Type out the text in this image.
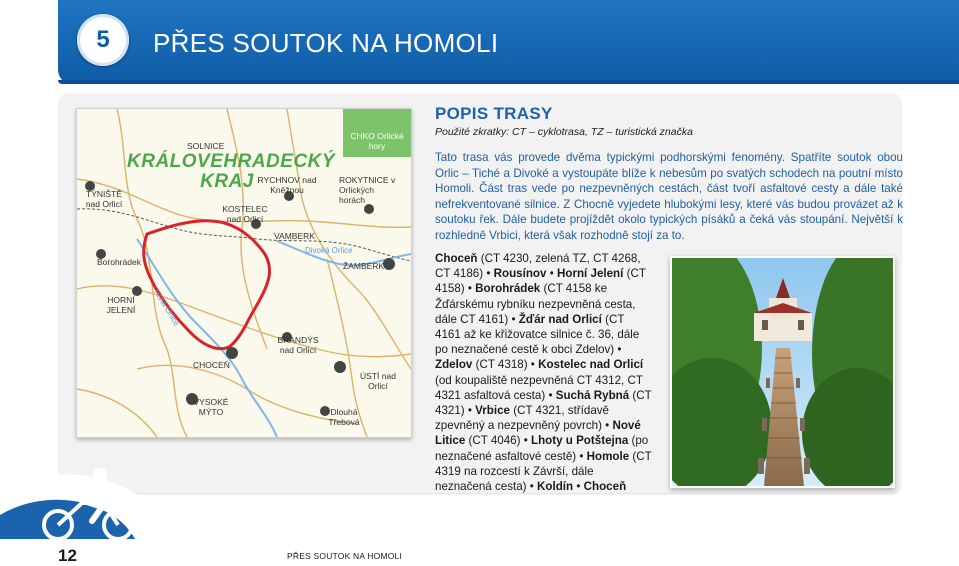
5	PŘES SOUTOK NA HOMOLI
CHKO Orlické hory
KRÁLOVEHRADECKÝ KRAJ
SOLNICE
TÝNIŠTĚ nad Orlicí
RYCHNOV nad Kněžnou
ROKYTNICE v Orlických horách
KOSTELEC nad Orlicí
VAMBERK
Borohrádek	ŽAMBERK
HORNÍ JELENÍ
BRANDÝS nad Orlicí
CHOCEŇ
ÚSTÍ nad Orlicí
VYSOKÉ MÝTO	Dlouhá Třebová
Divoká Orlice
Tichá Orlice
POPIS TRASY
Použité zkratky: CT – cyklotrasa, TZ – turistická značka
Tato trasa vás provede dvěma typickými podhorskými fenomény. Spatříte soutok obou Orlic – Tiché a Divoké a vystoupáte blíže k nebesům po svatých schodech na poutní místo Homoli. Část tras vede po nezpevněných cestách, část tvoří asfaltové cesty a dále také nefrekventované silnice. Z Chocně vyjedete hlubokými lesy, které vás budou provázet až k soutoku řek. Dále budete projíždět okolo typických písáků a čeká vás stoupání. Největší k rozhledně Vrbici, která však rozhodně stojí za to.
Choceň (CT 4230, zelená TZ, CT 4268, CT 4186) • Rousínov • Horní Jelení (CT 4158) • Borohrádek (CT 4158 ke Žďárskému rybníku nezpevněná cesta, dále CT 4161) • Žďár nad Orlicí (CT 4161 až ke křižovatce silnice č. 36, dále po neznačené cestě k obci Zdelov) • Zdelov (CT 4318) • Kostelec nad Orlicí (od koupaliště nezpevněná CT 4312, CT 4321 asfaltová cesta) • Suchá Rybná (CT 4321) • Vrbice (CT 4321, střídavě zpevněný a nezpevněný povrch) • Nové Litice (CT 4046) • Lhoty u Potštejna (po neznačené asfaltové cestě) • Homole (CT 4319 na rozcestí k Závrší, dále neznačená cesta) • Koldín • Choceň
12	PŘES SOUTOK NA HOMOLI
